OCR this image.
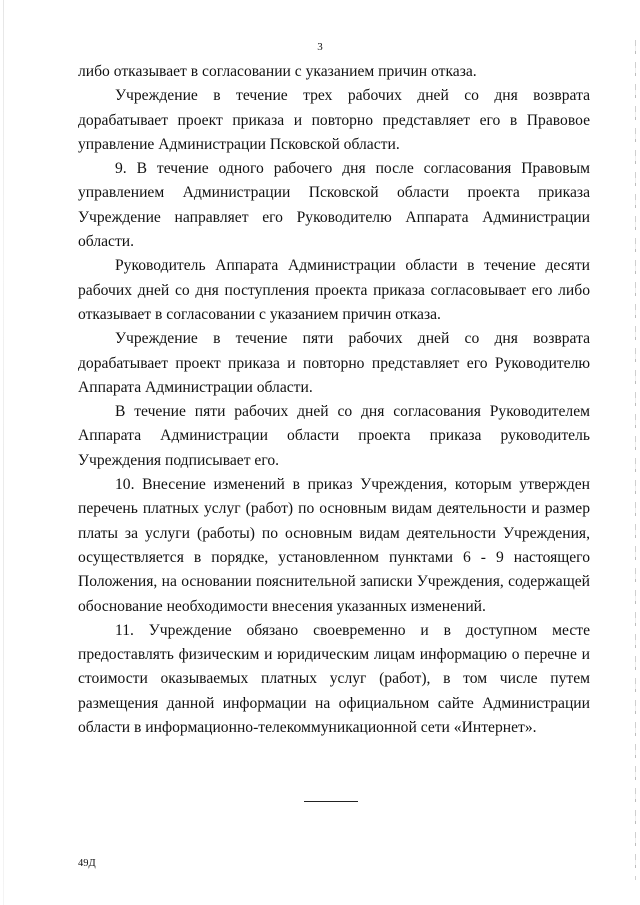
3

либо отказывает в согласовании с указанием причин отказа.

Учреждение в течение трех рабочих дней со дня возврата дорабатывает проект приказа и повторно представляет его в Правовое управление Администрации Псковской области.

9. В течение одного рабочего дня после согласования Правовым управлением Администрации Псковской области проекта приказа Учреждение направляет его Руководителю Аппарата Администрации области.

Руководитель Аппарата Администрации области в течение десяти рабочих дней со дня поступления проекта приказа согласовывает его либо отказывает в согласовании с указанием причин отказа.

Учреждение в течение пяти рабочих дней со дня возврата дорабатывает проект приказа и повторно представляет его Руководителю Аппарата Администрации области.

В течение пяти рабочих дней со дня согласования Руководителем Аппарата Администрации области проекта приказа руководитель Учреждения подписывает его.

10. Внесение изменений в приказ Учреждения, которым утвержден перечень платных услуг (работ) по основным видам деятельности и размер платы за услуги (работы) по основным видам деятельности Учреждения, осуществляется в порядке, установленном пунктами 6 - 9 настоящего Положения, на основании пояснительной записки Учреждения, содержащей обоснование необходимости внесения указанных изменений.

11. Учреждение обязано своевременно и в доступном месте предоставлять физическим и юридическим лицам информацию о перечне и стоимости оказываемых платных услуг (работ), в том числе путем размещения данной информации на официальном сайте Администрации области в информационно-телекоммуникационной сети «Интернет».

49Д
